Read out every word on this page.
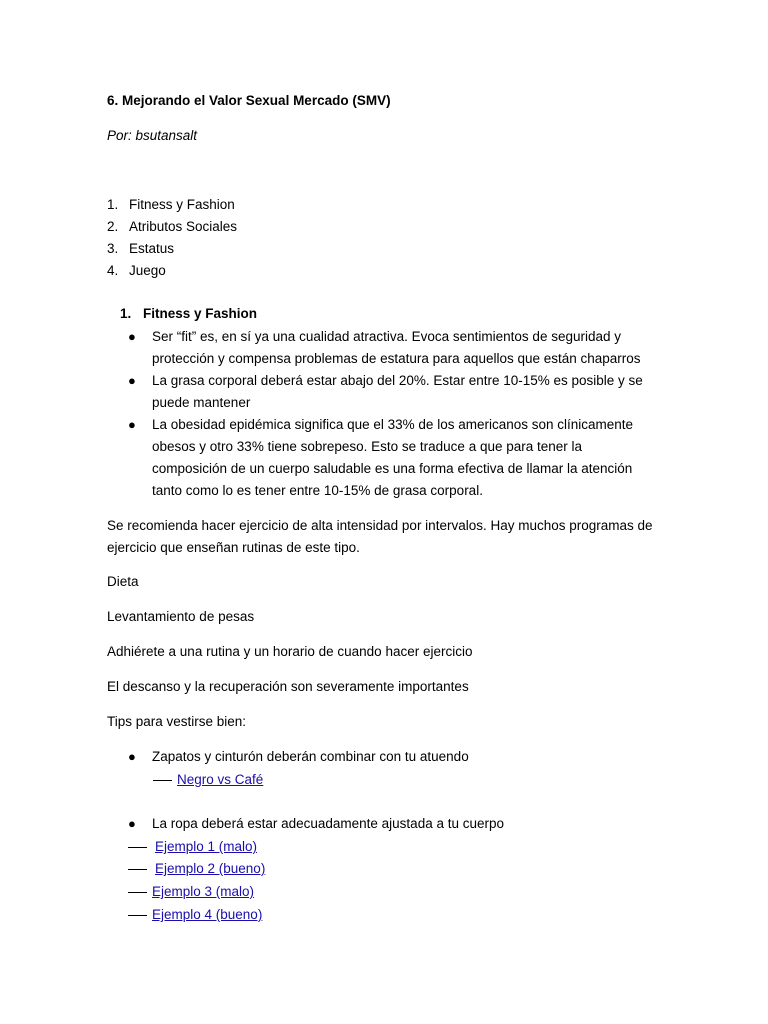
6. Mejorando el Valor Sexual Mercado (SMV)
Por: bsutansalt
1. Fitness y Fashion
2. Atributos Sociales
3. Estatus
4. Juego
1. Fitness y Fashion
● Ser “fit” es, en sí ya una cualidad atractiva. Evoca sentimientos de seguridad y
protección y compensa problemas de estatura para aquellos que están chaparros
● La grasa corporal deberá estar abajo del 20%. Estar entre 10-15% es posible y se
puede mantener
● La obesidad epidémica significa que el 33% de los americanos son clínicamente
obesos y otro 33% tiene sobrepeso. Esto se traduce a que para tener la
composición de un cuerpo saludable es una forma efectiva de llamar la atención
tanto como lo es tener entre 10-15% de grasa corporal.
Se recomienda hacer ejercicio de alta intensidad por intervalos. Hay muchos programas de
ejercicio que enseñan rutinas de este tipo.
Dieta
Levantamiento de pesas
Adhiérete a una rutina y un horario de cuando hacer ejercicio
El descanso y la recuperación son severamente importantes
Tips para vestirse bien:
● Zapatos y cinturón deberán combinar con tu atuendo
Negro vs Café
● La ropa deberá estar adecuadamente ajustada a tu cuerpo
Ejemplo 1 (malo)
Ejemplo 2 (bueno)
Ejemplo 3 (malo)
Ejemplo 4 (bueno)
